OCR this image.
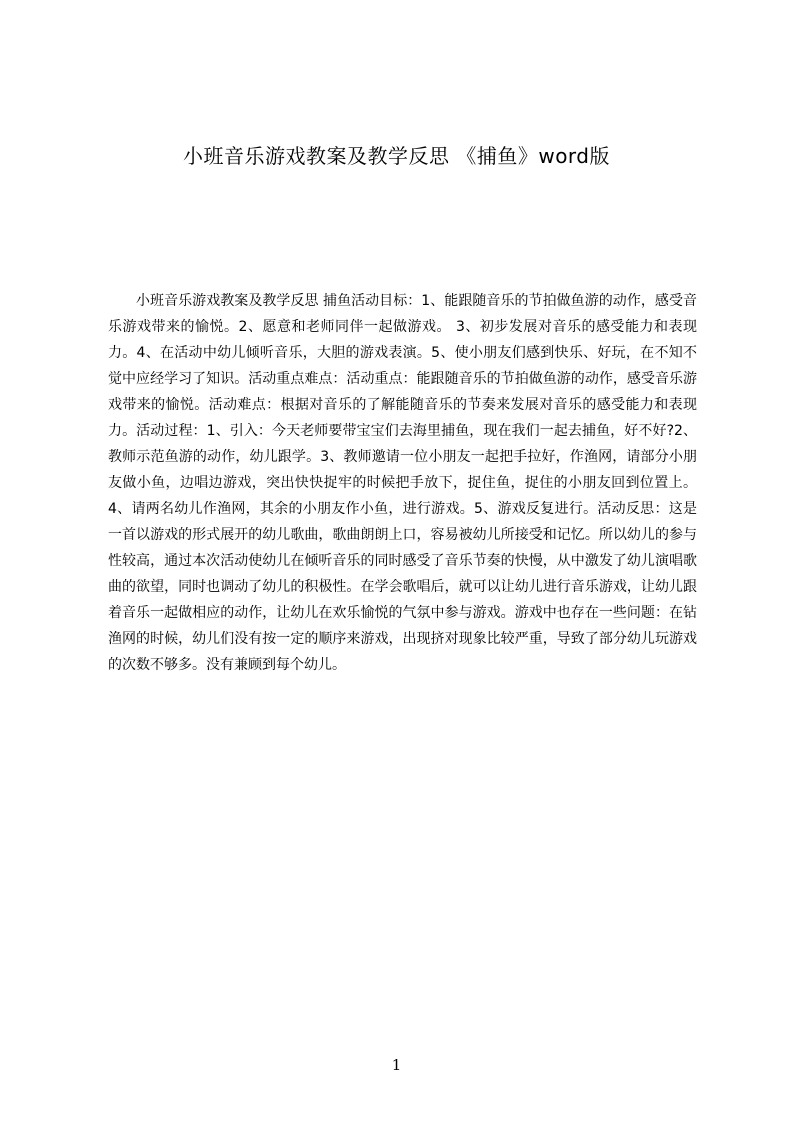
小班音乐游戏教案及教学反思 《捕鱼》word版

小班音乐游戏教案及教学反思 捕鱼活动目标：1、能跟随音乐的节拍做鱼游的动作，感受音乐游戏带来的愉悦。2、愿意和老师同伴一起做游戏。 3、初步发展对音乐的感受能力和表现力。4、在活动中幼儿倾听音乐，大胆的游戏表演。5、使小朋友们感到快乐、好玩，在不知不觉中应经学习了知识。活动重点难点：活动重点：能跟随音乐的节拍做鱼游的动作，感受音乐游戏带来的愉悦。活动难点：根据对音乐的了解能随音乐的节奏来发展对音乐的感受能力和表现力。活动过程：1、引入：今天老师要带宝宝们去海里捕鱼，现在我们一起去捕鱼，好不好?2、教师示范鱼游的动作，幼儿跟学。3、教师邀请一位小朋友一起把手拉好，作渔网，请部分小朋友做小鱼，边唱边游戏，突出快快捉牢的时候把手放下，捉住鱼，捉住的小朋友回到位置上。4、请两名幼儿作渔网，其余的小朋友作小鱼，进行游戏。5、游戏反复进行。活动反思：这是一首以游戏的形式展开的幼儿歌曲，歌曲朗朗上口，容易被幼儿所接受和记忆。所以幼儿的参与性较高，通过本次活动使幼儿在倾听音乐的同时感受了音乐节奏的快慢，从中激发了幼儿演唱歌曲的欲望，同时也调动了幼儿的积极性。在学会歌唱后，就可以让幼儿进行音乐游戏，让幼儿跟着音乐一起做相应的动作，让幼儿在欢乐愉悦的气氛中参与游戏。游戏中也存在一些问题：在钻渔网的时候，幼儿们没有按一定的顺序来游戏，出现挤对现象比较严重，导致了部分幼儿玩游戏的次数不够多。没有兼顾到每个幼儿。

1
